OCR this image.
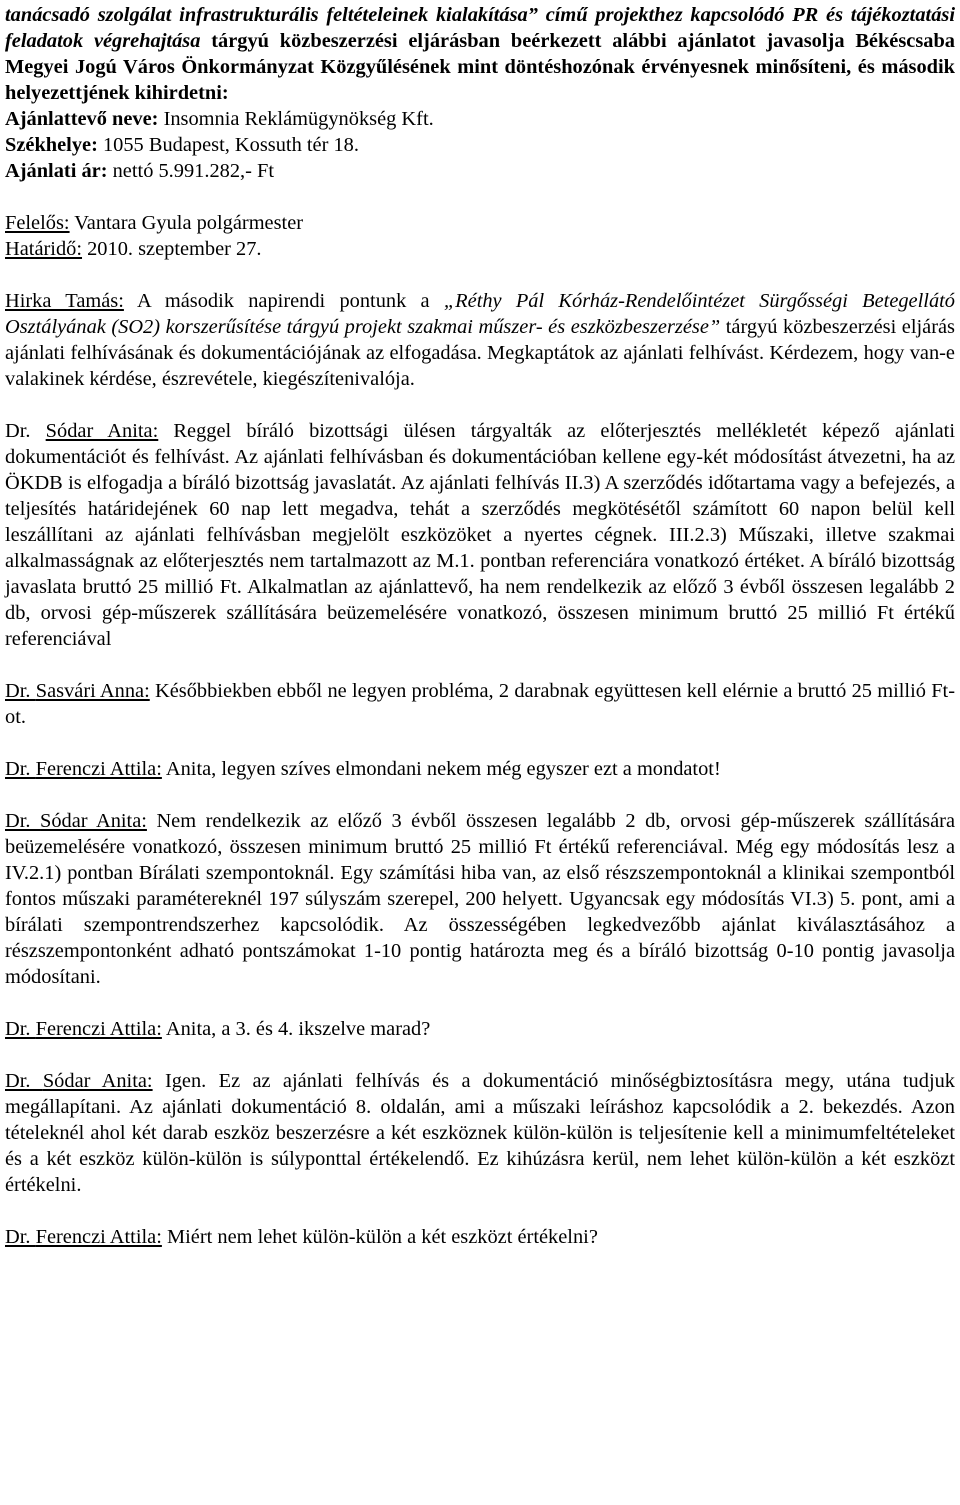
tanácsadó szolgálat infrastrukturális feltételeinek kialakítása” című projekthez kapcsolódó PR és tájékoztatási feladatok végrehajtása tárgyú közbeszerzési eljárásban beérkezett alábbi ajánlatot javasolja Békéscsaba Megyei Jogú Város Önkormányzat Közgyűlésének mint döntéshozónak érvényesnek minősíteni, és második helyezettjének kihirdetni:

Ajánlattevő neve: Insomnia Reklámügynökség Kft.

Székhelye: 1055 Budapest, Kossuth tér 18.

Ajánlati ár: nettó 5.991.282,- Ft

Felelős: Vantara Gyula polgármester

Határidő: 2010. szeptember 27.

Hirka Tamás: A második napirendi pontunk a „Réthy Pál Kórház-Rendelőintézet Sürgősségi Betegellátó Osztályának (SO2) korszerűsítése tárgyú projekt szakmai műszer- és eszközbeszerzése” tárgyú közbeszerzési eljárás ajánlati felhívásának és dokumentációjának az elfogadása. Megkaptátok az ajánlati felhívást. Kérdezem, hogy van-e valakinek kérdése, észrevétele, kiegészítenivalója.

Dr. Sódar Anita: Reggel bíráló bizottsági ülésen tárgyalták az előterjesztés mellékletét képező ajánlati dokumentációt és felhívást. Az ajánlati felhívásban és dokumentációban kellene egy-két módosítást átvezetni, ha az ÖKDB is elfogadja a bíráló bizottság javaslatát. Az ajánlati felhívás II.3) A szerződés időtartama vagy a befejezés, a teljesítés határidejének 60 nap lett megadva, tehát a szerződés megkötésétől számított 60 napon belül kell leszállítani az ajánlati felhívásban megjelölt eszközöket a nyertes cégnek. III.2.3) Műszaki, illetve szakmai alkalmasságnak az előterjesztés nem tartalmazott az M.1. pontban referenciára vonatkozó értéket. A bíráló bizottság javaslata bruttó 25 millió Ft. Alkalmatlan az ajánlattevő, ha nem rendelkezik az előző 3 évből összesen legalább 2 db, orvosi gép-műszerek szállítására beüzemelésére vonatkozó, összesen minimum bruttó 25 millió Ft értékű referenciával

Dr. Sasvári Anna: Későbbiekben ebből ne legyen probléma, 2 darabnak együttesen kell elérnie a bruttó 25 millió Ft-ot.

Dr. Ferenczi Attila: Anita, legyen szíves elmondani nekem még egyszer ezt a mondatot!

Dr. Sódar Anita: Nem rendelkezik az előző 3 évből összesen legalább 2 db, orvosi gép-műszerek szállítására beüzemelésére vonatkozó, összesen minimum bruttó 25 millió Ft értékű referenciával. Még egy módosítás lesz a IV.2.1) pontban Bírálati szempontoknál. Egy számítási hiba van, az első részszempontoknál a klinikai szempontból fontos műszaki paramétereknél 197 súlyszám szerepel, 200 helyett. Ugyancsak egy módosítás VI.3) 5. pont, ami a bírálati szempontrendszerhez kapcsolódik. Az összességében legkedvezőbb ajánlat kiválasztásához a részszempontonként adható pontszámokat 1-10 pontig határozta meg és a bíráló bizottság 0-10 pontig javasolja módosítani.

Dr. Ferenczi Attila: Anita, a 3. és 4. ikszelve marad?

Dr. Sódar Anita: Igen. Ez az ajánlati felhívás és a dokumentáció minőségbiztosításra megy, utána tudjuk megállapítani. Az ajánlati dokumentáció 8. oldalán, ami a műszaki leíráshoz kapcsolódik a 2. bekezdés. Azon tételeknél ahol két darab eszköz beszerzésre a két eszköznek külön-külön is teljesítenie kell a minimumfeltételeket és a két eszköz külön-külön is súlyponttal értékelendő. Ez kihúzásra kerül, nem lehet külön-külön a két eszközt értékelni.

Dr. Ferenczi Attila: Miért nem lehet külön-külön a két eszközt értékelni?
